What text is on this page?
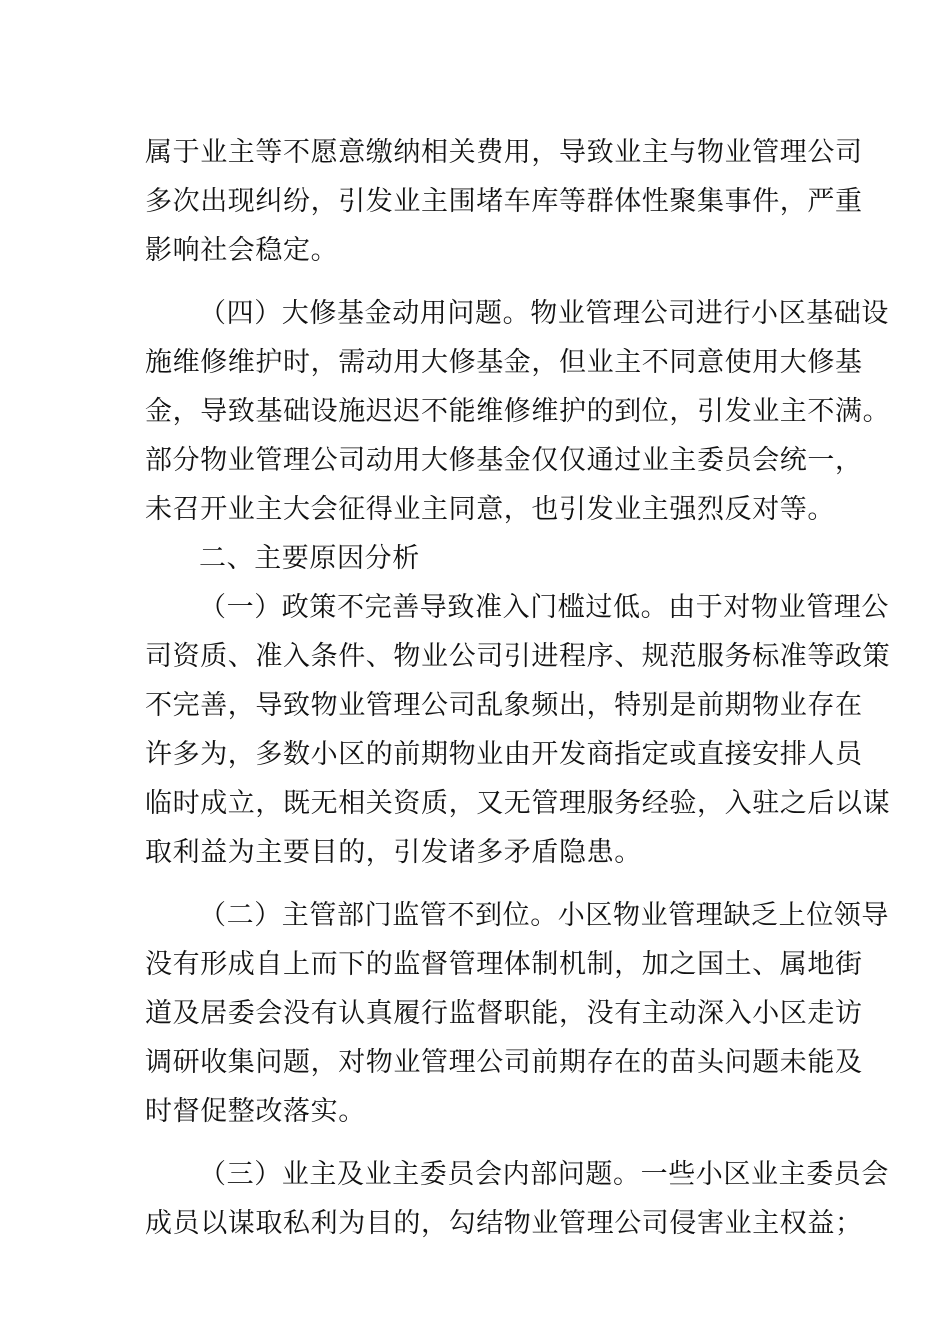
属于业主等不愿意缴纳相关费用，导致业主与物业管理公司
多次出现纠纷，引发业主围堵车库等群体性聚集事件，严重
影响社会稳定。
（四）大修基金动用问题。物业管理公司进行小区基础设
施维修维护时，需动用大修基金，但业主不同意使用大修基
金，导致基础设施迟迟不能维修维护的到位，引发业主不满。
部分物业管理公司动用大修基金仅仅通过业主委员会统一，
未召开业主大会征得业主同意，也引发业主强烈反对等。
二、主要原因分析
（一）政策不完善导致准入门槛过低。由于对物业管理公
司资质、准入条件、物业公司引进程序、规范服务标准等政策
不完善，导致物业管理公司乱象频出，特别是前期物业存在
许多为，多数小区的前期物业由开发商指定或直接安排人员
临时成立，既无相关资质，又无管理服务经验，入驻之后以谋
取利益为主要目的，引发诸多矛盾隐患。
（二）主管部门监管不到位。小区物业管理缺乏上位领导
没有形成自上而下的监督管理体制机制，加之国土、属地街
道及居委会没有认真履行监督职能，没有主动深入小区走访
调研收集问题，对物业管理公司前期存在的苗头问题未能及
时督促整改落实。
（三）业主及业主委员会内部问题。一些小区业主委员会
成员以谋取私利为目的，勾结物业管理公司侵害业主权益；
